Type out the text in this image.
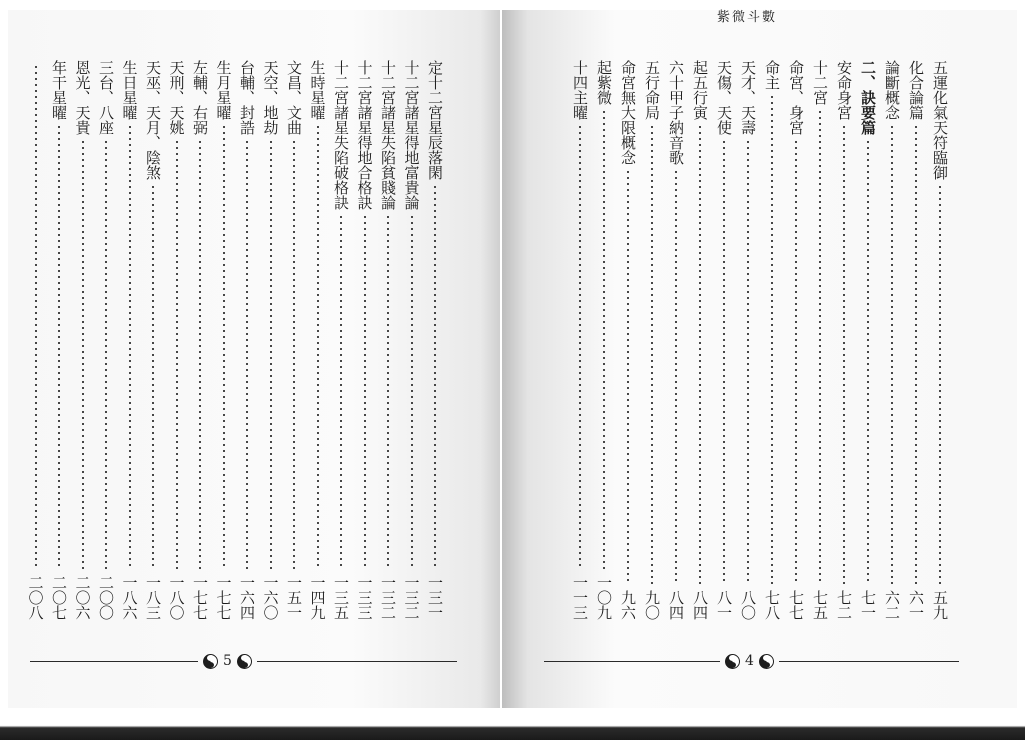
紫微斗數
定十二宮星辰落閑
一三一
十二宮諸星得地富貴論
一三二
十二宮諸星失陷貧賤論
一三二
十二宮諸星得地合格訣
一三三
十二宮諸星失陷破格訣
一三五
生時星曜
一四九
文昌、文曲
一五一
天空、地劫
一六〇
台輔、封誥
一六四
生月星曜
一七七
左輔、右弼
一七七
天刑、天姚
一八〇
天巫、天月、陰煞
一八三
生日星曜
一八六
三台、八座
二〇〇
恩光、天貴
二〇六
年干星曜
二〇七
二〇八
五運化氣天符臨御
五九
化合論篇
六一
論斷概念
六二
二、訣要篇
七一
安命身宮
七二
十二宮
七五
命宮、身宮
七七
命主
七八
天才、天壽
八〇
天傷、天使
八一
起五行寅
八四
六十甲子納音歌
八四
五行命局
九〇
命宮無大限概念
九六
起紫微
一〇九
十四主曜
一一三
5	4
